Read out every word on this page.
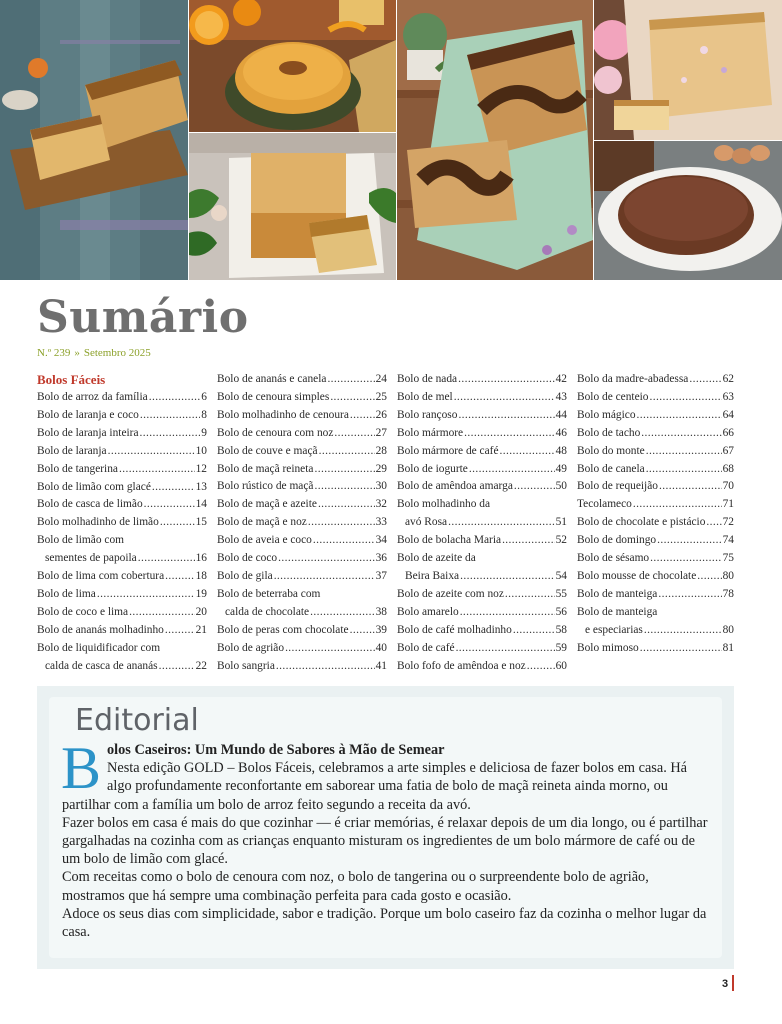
Sumário
N.º 239 » Setembro 2025
Bolos Fáceis
Bolo de arroz da família .....	6
Bolo de laranja e coco .....	8
Bolo de laranja inteira .....	9
Bolo de laranja .....	10
Bolo de tangerina .....	12
Bolo de limão com glacé .....	13
Bolo de casca de limão .....	14
Bolo molhadinho de limão .....	15
Bolo de limão com
sementes de papoila .....	16
Bolo de lima com cobertura .....	18
Bolo de lima .....	19
Bolo de coco e lima .....	20
Bolo de ananás molhadinho .....	21
Bolo de liquidificador com
calda de casca de ananás .....	22
Bolo de ananás e canela .....	24
Bolo de cenoura simples .....	25
Bolo molhadinho de cenoura ..... 26
Bolo de cenoura com noz .....	27
Bolo de couve e maçã .....	28
Bolo de maçã reineta .....	29
Bolo rústico de maçã .....	30
Bolo de maçã e azeite .....	32
Bolo de maçã e noz .....	33
Bolo de aveia e coco .....	34
Bolo de coco .....	36
Bolo de gila .....	37
Bolo de beterraba com
calda de chocolate .....	38
Bolo de peras com chocolate ..... 39
Bolo de agrião .....	40
Bolo sangria .....	41
Bolo de nada .....	42
Bolo de mel .....	43
Bolo rançoso .....	44
Bolo mármore .....	46
Bolo mármore de café .....	48
Bolo de iogurte .....	49
Bolo de amêndoa amarga .....	50
Bolo molhadinho da
avó Rosa .....	51
Bolo de bolacha Maria .....	52
Bolo de azeite da
Beira Baixa .....	54
Bolo de azeite com noz .....	55
Bolo amarelo .....	56
Bolo de café molhadinho .....	58
Bolo de café .....	59
Bolo fofo de amêndoa e noz .....	60
Bolo da madre-abadessa .....	62
Bolo de centeio .....	63
Bolo mágico .....	64
Bolo de tacho .....	66
Bolo do monte .....	67
Bolo de canela .....	68
Bolo de requeijão .....	70
Tecolameco .....	71
Bolo de chocolate e pistácio ..... 72
Bolo de domingo .....	74
Bolo de sésamo .....	75
Bolo mousse de chocolate ..... 80
Bolo de manteiga .....	78
Bolo de manteiga
e especiarias .....	80
Bolo mimoso .....	81
Editorial
B olos Caseiros: Um Mundo de Sabores à Mão de Semear

Nesta edição GOLD – Bolos Fáceis, celebramos a arte simples e deliciosa de fazer bolos em casa. Há algo profundamente reconfortante em saborear uma fatia de bolo de maçã reineta ainda morno, ou partilhar com a família um bolo de arroz feito segundo a receita da avó.

Fazer bolos em casa é mais do que cozinhar — é criar memórias, é relaxar depois de um dia longo, ou é partilhar gargalhadas na cozinha com as crianças enquanto misturam os ingredientes de um bolo mármore de café ou de um bolo de limão com glacé.

Com receitas como o bolo de cenoura com noz, o bolo de tangerina ou o surpreendente bolo de agrião, mostramos que há sempre uma combinação perfeita para cada gosto e ocasião.

Adoce os seus dias com simplicidade, sabor e tradição. Porque um bolo caseiro faz da cozinha o melhor lugar da casa.

3
